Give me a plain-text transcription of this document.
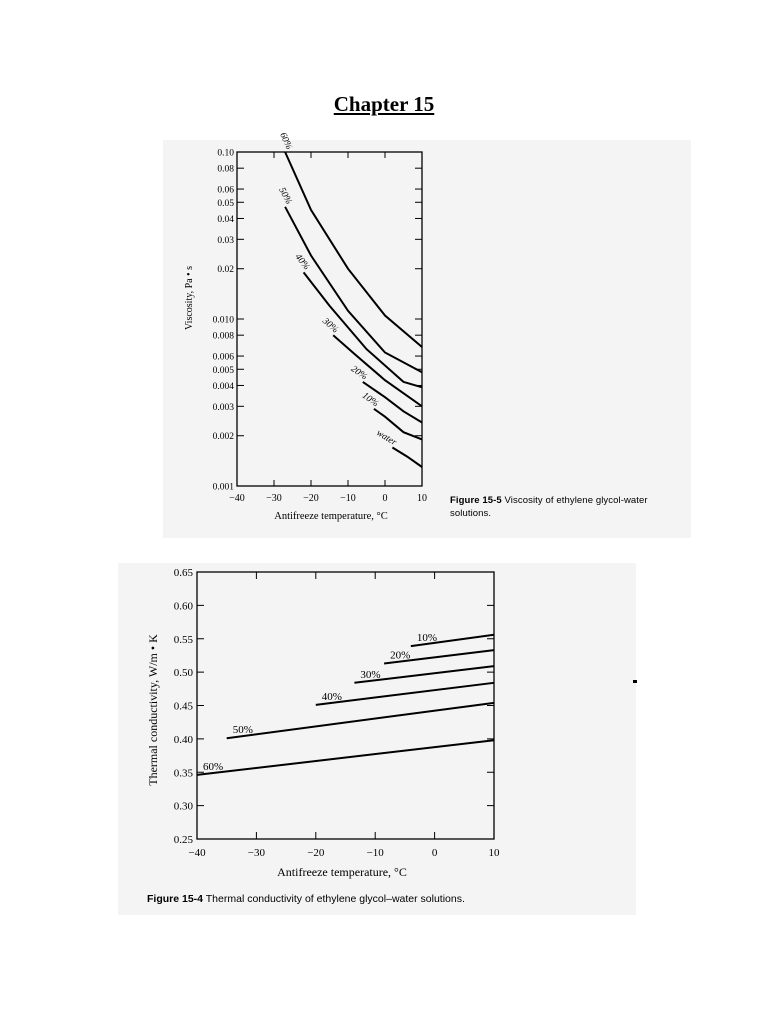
Chapter 15
−40 −30 −20 −10	0	10
0.001
0.002
0.003
0.004
0.005
0.006
0.008
0.010
0.02
0.03
0.04
0.05
0.06
0.08
0.10
60%
50%
40%
30%
20%
10%
water
Antifreeze temperature, °C
Viscosity, Pa • s
−40	−30	−20	−10	0	10
0.25
0.30
0.35
0.40
0.45
0.50
0.55
0.60
0.65
10%
20%
30%
40%
50%
60%
Antifreeze temperature, °C
Thermal conductivity, W/m • K
Figure 15-5 Viscosity of ethylene glycol-water solutions.
Figure 15-4 Thermal conductivity of ethylene glycol–water solutions.
